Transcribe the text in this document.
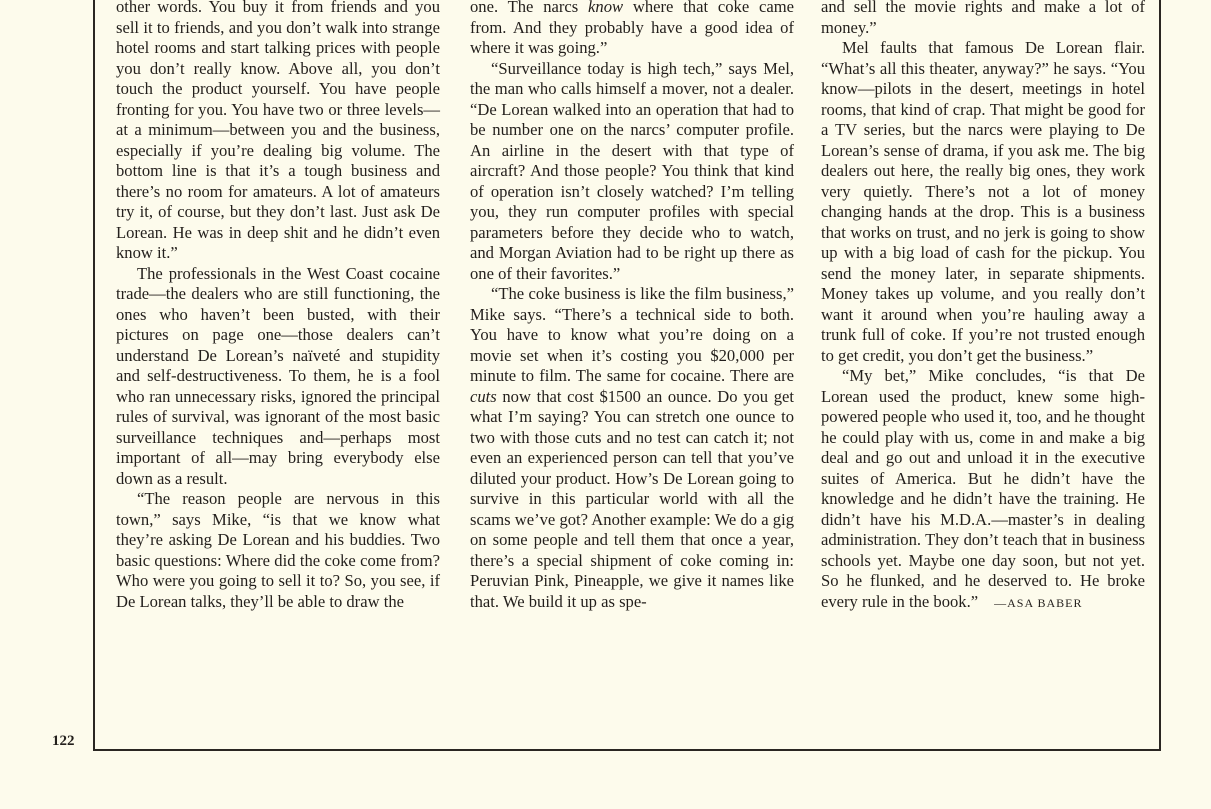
other words. You buy it from friends and you sell it to friends, and you don’t walk into strange hotel rooms and start talking prices with people you don’t really know. Above all, you don’t touch the product yourself. You have people fronting for you. You have two or three levels—at a minimum—between you and the business, especially if you’re dealing big volume. The bottom line is that it’s a tough business and there’s no room for amateurs. A lot of amateurs try it, of course, but they don’t last. Just ask De Lorean. He was in deep shit and he didn’t even know it.”

The professionals in the West Coast cocaine trade—the dealers who are still functioning, the ones who haven’t been busted, with their pictures on page one—those dealers can’t understand De Lorean’s naïveté and stupidity and self-destructiveness. To them, he is a fool who ran unnecessary risks, ignored the principal rules of survival, was ignorant of the most basic surveillance techniques and—perhaps most important of all—may bring everybody else down as a result.

“The reason people are nervous in this town,” says Mike, “is that we know what they’re asking De Lorean and his buddies. Two basic questions: Where did the coke come from? Who were you going to sell it to? So, you see, if De Lorean talks, they’ll be able to draw the

one. The narcs know where that coke came from. And they probably have a good idea of where it was going.”

“Surveillance today is high tech,” says Mel, the man who calls himself a mover, not a dealer. “De Lorean walked into an operation that had to be number one on the narcs’ computer profile. An airline in the desert with that type of aircraft? And those people? You think that kind of operation isn’t closely watched? I’m telling you, they run computer profiles with special parameters before they decide who to watch, and Morgan Aviation had to be right up there as one of their favorites.”

“The coke business is like the film business,” Mike says. “There’s a technical side to both. You have to know what you’re doing on a movie set when it’s costing you $20,000 per minute to film. The same for cocaine. There are cuts now that cost $1500 an ounce. Do you get what I’m saying? You can stretch one ounce to two with those cuts and no test can catch it; not even an experienced person can tell that you’ve diluted your product. How’s De Lorean going to survive in this particular world with all the scams we’ve got? Another example: We do a gig on some people and tell them that once a year, there’s a special shipment of coke coming in: Peruvian Pink, Pineapple, we give it names like that. We build it up as spe-

and sell the movie rights and make a lot of money.”

Mel faults that famous De Lorean flair. “What’s all this theater, anyway?” he says. “You know—pilots in the desert, meetings in hotel rooms, that kind of crap. That might be good for a TV series, but the narcs were playing to De Lorean’s sense of drama, if you ask me. The big dealers out here, the really big ones, they work very quietly. There’s not a lot of money changing hands at the drop. This is a business that works on trust, and no jerk is going to show up with a big load of cash for the pickup. You send the money later, in separate shipments. Money takes up volume, and you really don’t want it around when you’re hauling away a trunk full of coke. If you’re not trusted enough to get credit, you don’t get the business.”

“My bet,” Mike concludes, “is that De Lorean used the product, knew some high-powered people who used it, too, and he thought he could play with us, come in and make a big deal and go out and unload it in the executive suites of America. But he didn’t have the knowledge and he didn’t have the training. He didn’t have his M.D.A.—master’s in dealing administration. They don’t teach that in business schools yet. Maybe one day soon, but not yet. So he flunked, and he deserved to. He broke every rule in the book.” —ASA BABER

122
